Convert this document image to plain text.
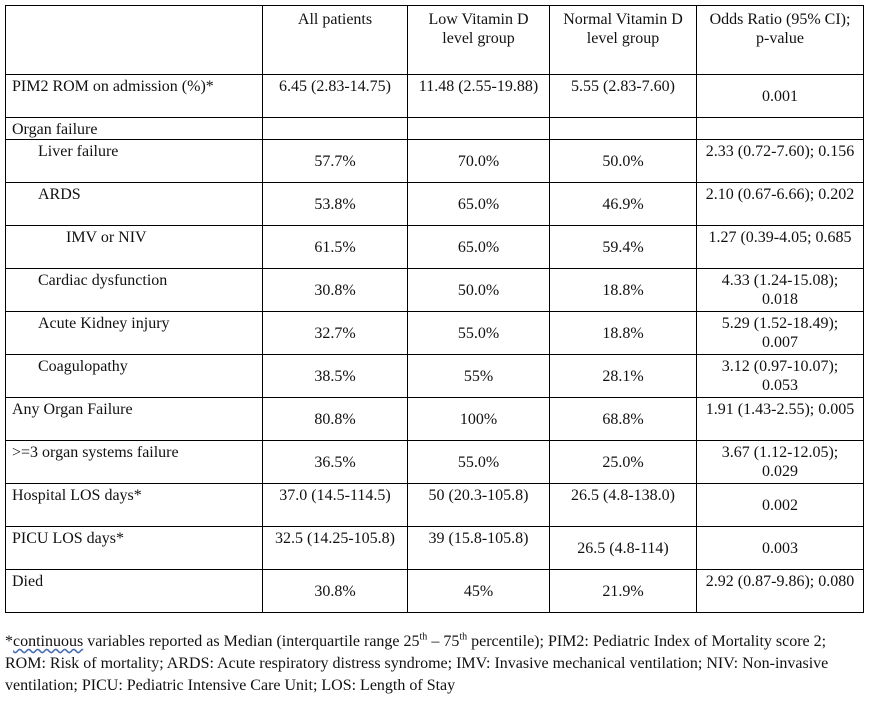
	All patients	Low Vitamin D level group	Normal Vitamin D level group	Odds Ratio (95% CI); p-value
PIM2 ROM on admission (%)*	6.45 (2.83-14.75)	11.48 (2.55-19.88)	5.55 (2.83-7.60)	0.001
Organ failure				
Liver failure	57.7%	70.0%	50.0%	2.33 (0.72-7.60); 0.156
ARDS	53.8%	65.0%	46.9%	2.10 (0.67-6.66); 0.202
IMV or NIV	61.5%	65.0%	59.4%	1.27 (0.39-4.05; 0.685
Cardiac dysfunction	30.8%	50.0%	18.8%	4.33 (1.24-15.08); 0.018
Acute Kidney injury	32.7%	55.0%	18.8%	5.29 (1.52-18.49); 0.007
Coagulopathy	38.5%	55%	28.1%	3.12 (0.97-10.07); 0.053
Any Organ Failure	80.8%	100%	68.8%	1.91 (1.43-2.55); 0.005
>=3 organ systems failure	36.5%	55.0%	25.0%	3.67 (1.12-12.05); 0.029
Hospital LOS days*	37.0 (14.5-114.5)	50 (20.3-105.8)	26.5 (4.8-138.0)	0.002
PICU LOS days*	32.5 (14.25-105.8)	39 (15.8-105.8)	26.5 (4.8-114)	0.003
Died	30.8%	45%	21.9%	2.92 (0.87-9.86); 0.080
*continuous variables reported as Median (interquartile range 25th – 75th percentile); PIM2: Pediatric Index of Mortality score 2; ROM: Risk of mortality; ARDS: Acute respiratory distress syndrome; IMV: Invasive mechanical ventilation; NIV: Non-invasive ventilation; PICU: Pediatric Intensive Care Unit; LOS: Length of Stay
